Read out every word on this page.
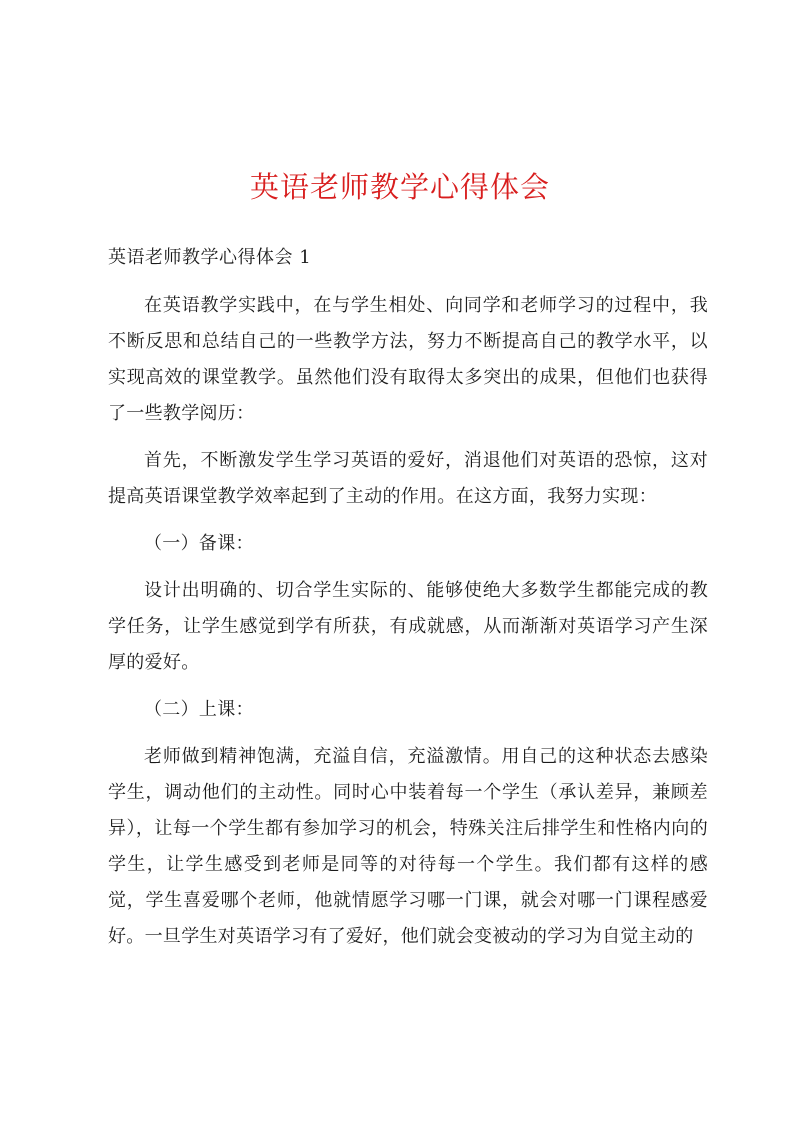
英语老师教学心得体会

英语老师教学心得体会 1

在英语教学实践中，在与学生相处、向同学和老师学习的过程中，我不断反思和总结自己的一些教学方法，努力不断提高自己的教学水平，以实现高效的课堂教学。虽然他们没有取得太多突出的成果，但他们也获得了一些教学阅历：

首先，不断激发学生学习英语的爱好，消退他们对英语的恐惊，这对提高英语课堂教学效率起到了主动的作用。在这方面，我努力实现：

（一）备课：

设计出明确的、切合学生实际的、能够使绝大多数学生都能完成的教学任务，让学生感觉到学有所获，有成就感，从而渐渐对英语学习产生深厚的爱好。

（二）上课：

老师做到精神饱满，充溢自信，充溢激情。用自己的这种状态去感染学生，调动他们的主动性。同时心中装着每一个学生（承认差异，兼顾差异），让每一个学生都有参加学习的机会，特殊关注后排学生和性格内向的学生，让学生感受到老师是同等的对待每一个学生。我们都有这样的感觉，学生喜爱哪个老师，他就情愿学习哪一门课，就会对哪一门课程感爱好。一旦学生对英语学习有了爱好，他们就会变被动的学习为自觉主动的
